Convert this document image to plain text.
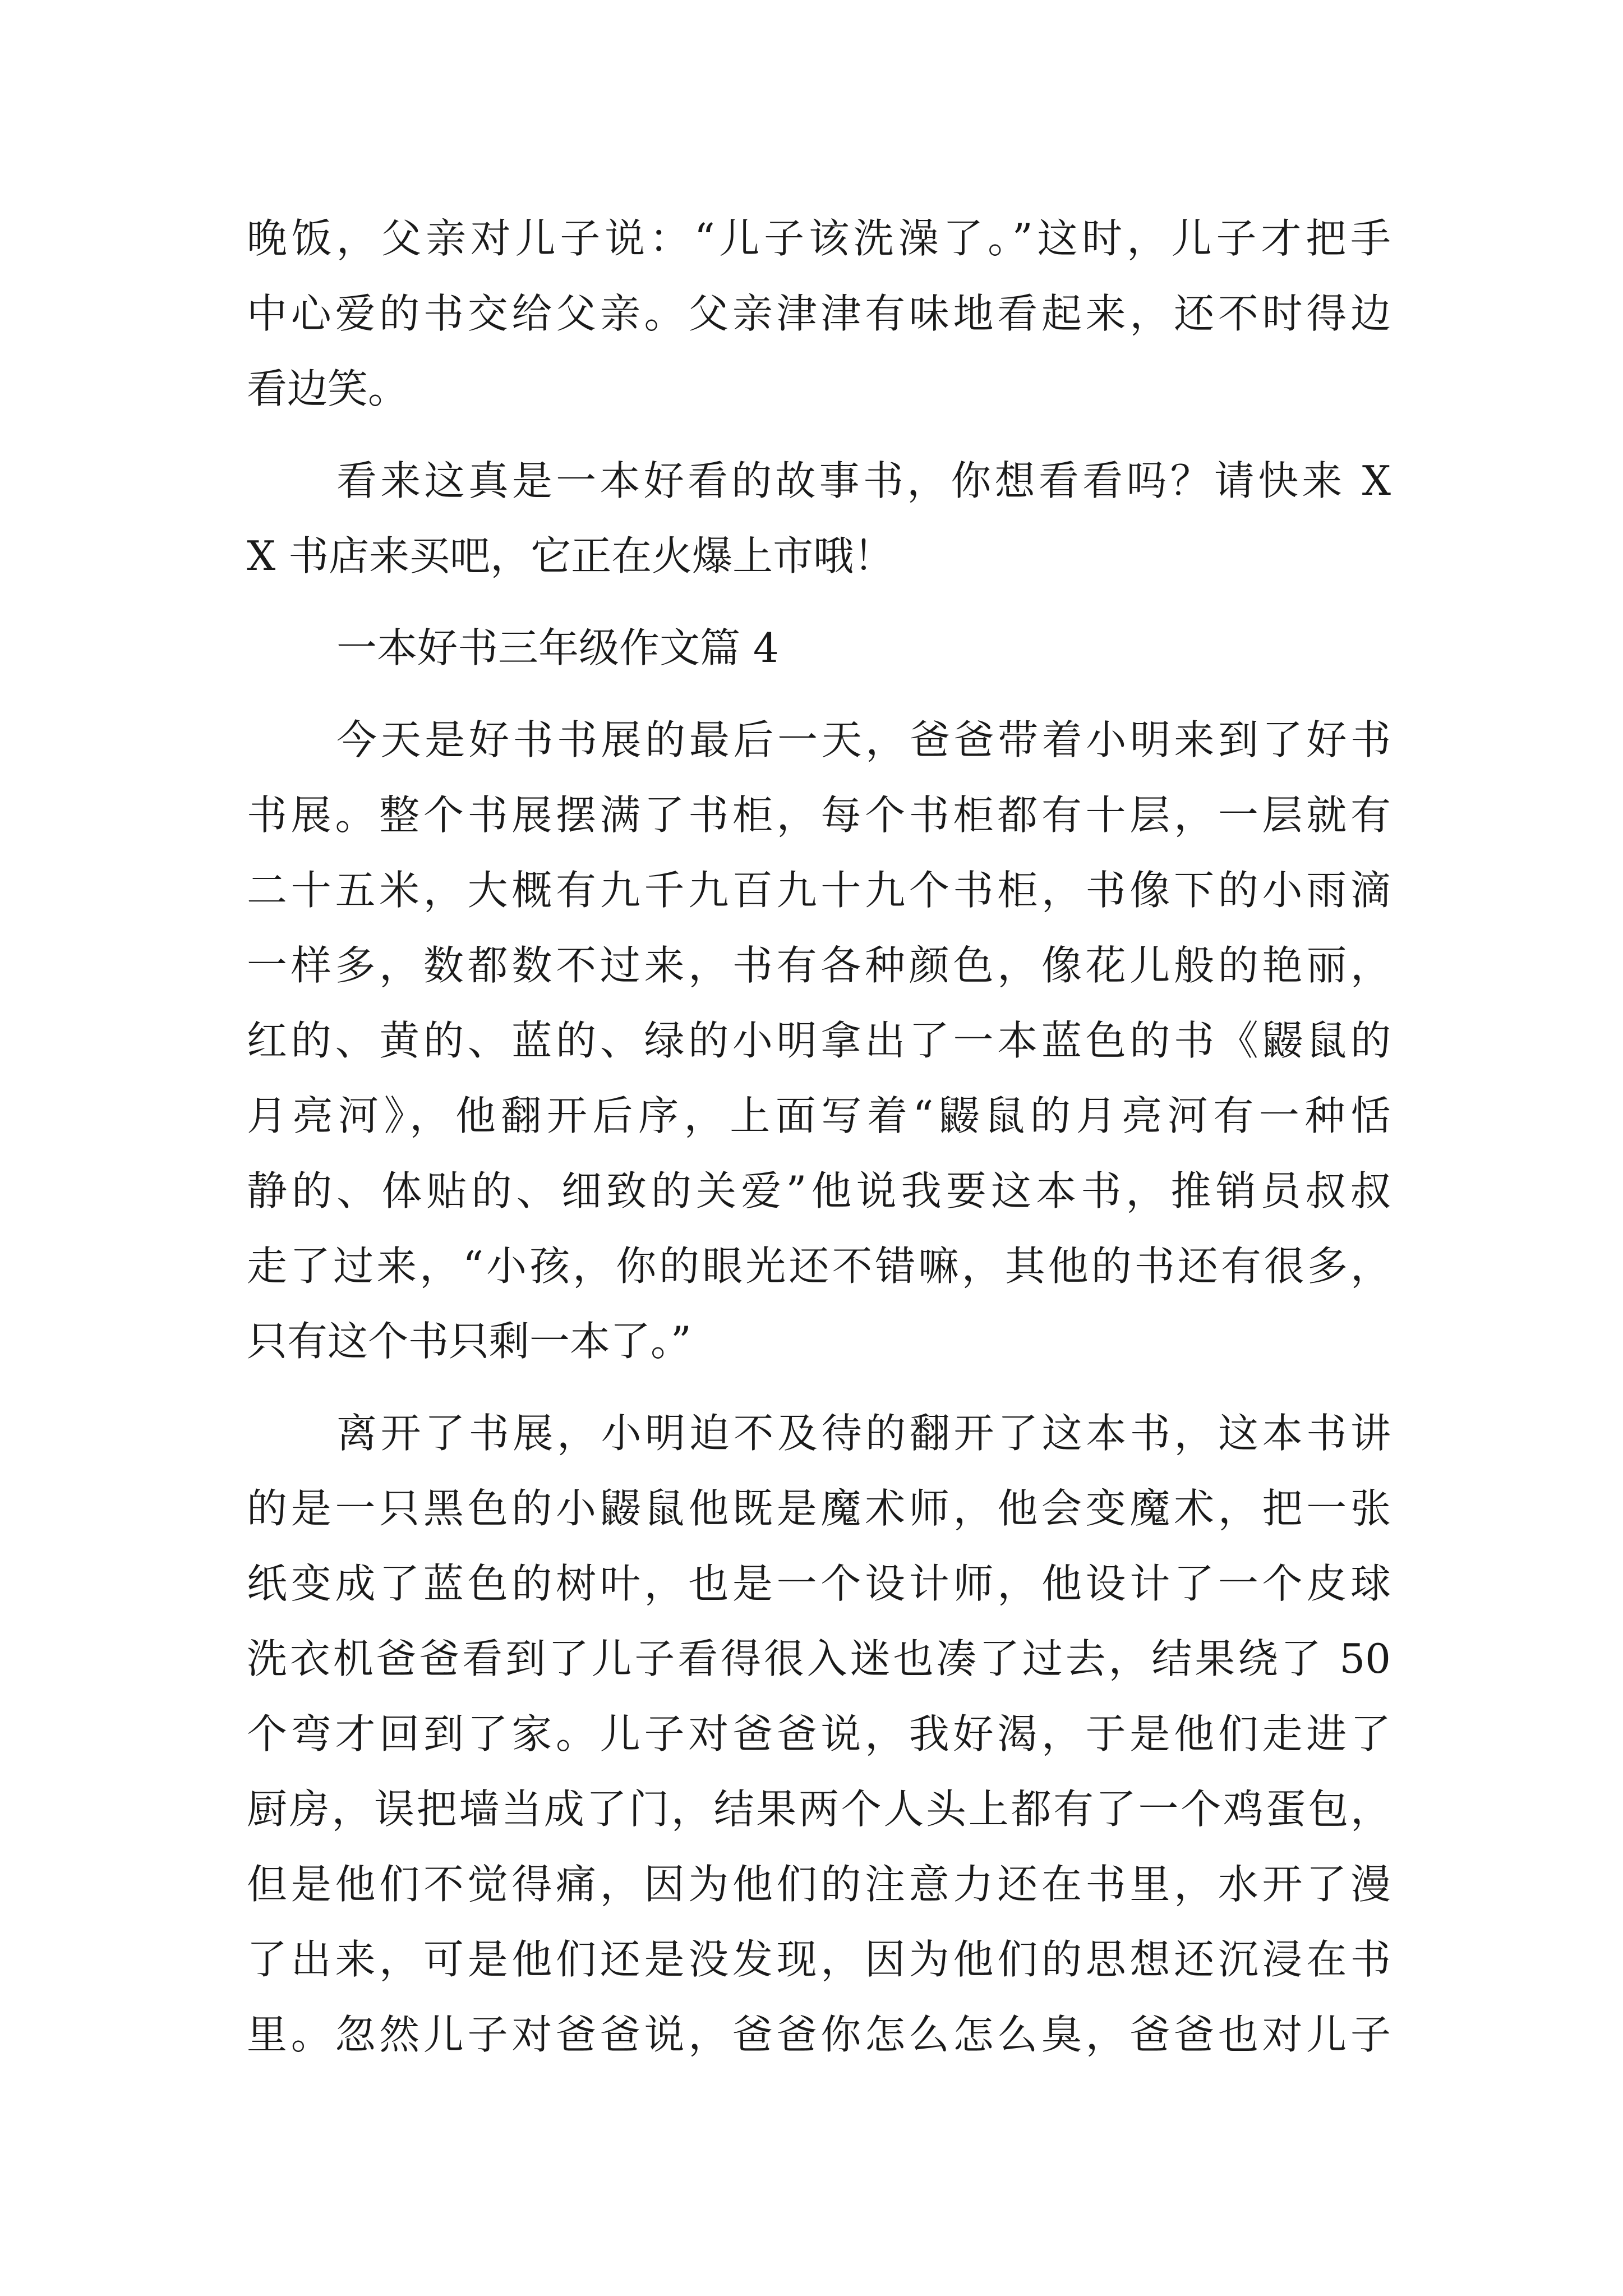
晚饭，父亲对儿子说：“儿子该洗澡了。”这时，儿子才把手
中心爱的书交给父亲。父亲津津有味地看起来，还不时得边
看边笑。
看来这真是一本好看的故事书，你想看看吗？请快来 X
X 书店来买吧，它正在火爆上市哦！
一本好书三年级作文篇 4
今天是好书书展的最后一天，爸爸带着小明来到了好书
书展。整个书展摆满了书柜，每个书柜都有十层，一层就有
二十五米，大概有九千九百九十九个书柜，书像下的小雨滴
一样多，数都数不过来，书有各种颜色，像花儿般的艳丽，
红的、黄的、蓝的、绿的小明拿出了一本蓝色的书《鼹鼠的
月亮河》，他翻开后序，上面写着“鼹鼠的月亮河有一种恬
静的、体贴的、细致的关爱”他说我要这本书，推销员叔叔
走了过来，“小孩，你的眼光还不错嘛，其他的书还有很多，
只有这个书只剩一本了。”
离开了书展，小明迫不及待的翻开了这本书，这本书讲
的是一只黑色的小鼹鼠他既是魔术师，他会变魔术，把一张
纸变成了蓝色的树叶，也是一个设计师，他设计了一个皮球
洗衣机爸爸看到了儿子看得很入迷也凑了过去，结果绕了 50
个弯才回到了家。儿子对爸爸说，我好渴，于是他们走进了
厨房，误把墙当成了门，结果两个人头上都有了一个鸡蛋包，
但是他们不觉得痛，因为他们的注意力还在书里，水开了漫
了出来，可是他们还是没发现，因为他们的思想还沉浸在书
里。忽然儿子对爸爸说，爸爸你怎么怎么臭，爸爸也对儿子
